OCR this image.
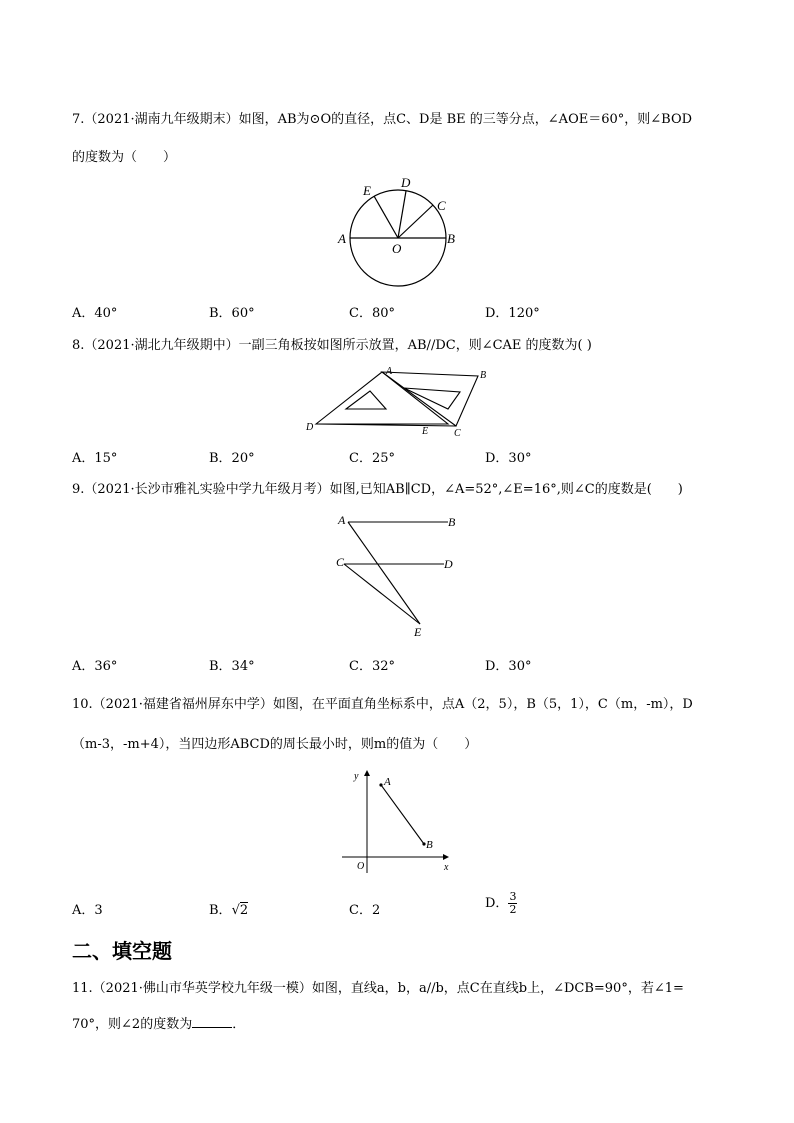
7.（2021·湖南九年级期末）如图，AB为⊙O的直径，点C、D是 BE 的三等分点，∠AOE＝60°，则∠BOD
的度数为（　　）
A	B
C
D
E
O
A．40°	B．60°	C．80°	D．120°
8.（2021·湖北九年级期中）一副三角板按如图所示放置，AB//DC，则∠CAE 的度数为( )
D
A	B
E	C
A．15°	B．20°	C．25°	D．30°
9.（2021·长沙市雅礼实验中学九年级月考）如图,已知AB∥CD，∠A=52°,∠E=16°,则∠C的度数是(　　)
A	B
C	D
E
A．36°	B．34°	C．32°	D．30°
10.（2021·福建省福州屏东中学）如图，在平面直角坐标系中，点A（2，5），B（5，1），C（m，-m），D
（m-3，-m+4），当四边形ABCD的周长最小时，则m的值为（　　）
y
x
O
A
B
A．3	B．√2	C．2	D． $\frac{3}{2}$
二、填空题
11.（2021·佛山市华英学校九年级一模）如图，直线a，b，a//b，点C在直线b上，∠DCB=90°，若∠1=
70°，则∠2的度数为	．
